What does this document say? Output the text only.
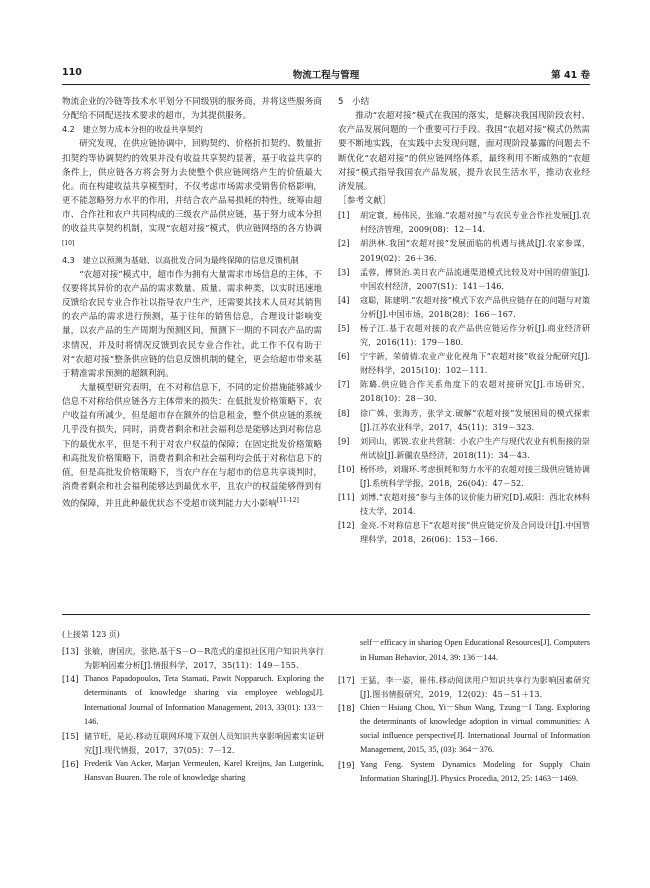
110	物流工程与管理	第 41 卷

物流企业的冷链等技术水平划分不同级别的服务商，并将这些服务商分配给不同配送技术要求的超市，为其提供服务。

4.2　建立努力成本分担的收益共享契约

研究发现，在供应链协调中，回购契约、价格折扣契约、数量折扣契约等协调契约的效果并没有收益共享契约显著，基于收益共享的条件上，供应链各方将会努力去使整个供应链网络产生的价值最大化。而在构建收益共享模型时，不仅考虑市场需求受销售价格影响，更不能忽略努力水平的作用，并结合农产品易损耗的特性，统筹由超市、合作社和农户共同构成的三级农产品供应链，基于努力成本分担的收益共享契约机制，实现“农超对接”模式，供应链网络的各方协调[10]

4.3　建立以预测为基础、以高批发合同为最终保障的信息反馈机制

“农超对接”模式中，超市作为拥有大量需求市场信息的主体，不仅要将其异价的农产品的需求数量、质量、需求种类，以实时迅速地反馈给农民专业合作社以指导农户生产，还需要其技术人员对其销售的农产品的需求进行预测，基于往年的销售信息，合理设计影响变量，以农产品的生产周期为预测区间，预测下一期的不同农产品的需求情况，并及时将情况反馈到农民专业合作社，此工作不仅有助于对“农超对接”整条供应链的信息反馈机制的健全，更会给超市带来基于精准需求预测的超额利润。

大量模型研究表明，在不对称信息下，不同的定价措施能够减少信息不对称给供应链各方主体带来的损失：在低批发价格策略下，农户收益有所减少，但是超市存在额外的信息租金，整个供应链的系统几乎没有损失，同时，消费者剩余和社会福利总是能够达到对称信息下的最优水平，但是不利于对农户权益的保障；在固定批发价格策略和高批发价格策略下，消费者剩余和社会福利均会低于对称信息下的值，但是高批发价格策略下，当农户存在与超市的信息共享谈判时，消费者剩余和社会福利能够达到最优水平，且农户的权益能够得到有效的保障，并且此种最优状态不受超市谈判能力大小影响[11-12]

5　小结

推动“农超对接”模式在我国的落实，是解决我国现阶段农村、农产品发展问题的一个重要可行手段。我国“农超对接”模式仍然需要不断地实践，在实践中去发现问题，面对现阶段暴露的问题去不断优化“农超对接”的供应链网络体系，最终利用不断成熟的“农超对接”模式指导我国农产品发展，提升农民生活水平，推动农业经济发展。

［参考文献］

[1]	胡定寰，杨伟民，张瑜.“农超对接”与农民专业合作社发展[J].农村经济管理，2009(08)：12－14.
[2]	胡洪林.我国“农超对接”发展面临的机遇与挑战[J].农家参谋，2019(02)：26＋36.
[3]	孟蓉，傅贤治.美日农产品流通渠道模式比较及对中国的借鉴[J].中国农村经济，2007(S1)：141－146.
[4]	寇聪，陈建明.“农超对接”模式下农产品供应链存在的问题与对策分析[J].中国市场，2018(28)：166－167.
[5]	杨子江.基于农超对接的农产品供应链运作分析[J].商业经济研究，2016(11)：179－180.
[6]	宁宇新，荣倩倩.农业产业化视角下“农超对接”收益分配研究[J].财经科学，2015(10)：102－111.
[7]	陈璐.供应链合作关系角度下的农超对接研究[J].市场研究，2018(10)：28－30.
[8]	徐广姝，张海芳，张学文.破解“农超对接”发展困局的模式探索[J].江苏农业科学，2017，45(11)：319－323.
[9]	刘同山，郭锐.农业共营制：小农户生产与现代农业有机衔接的崇州试验[J].新疆农垦经济，2018(11)：34－43.
[10] 杨怀珍，刘瑞环.考虑损耗和努力水平的农超对接三级供应链协调[J].系统科学学报，2018，26(04)：47－52.
[11] 刘博.“农超对接”参与主体的议价能力研究[D].咸阳：西北农林科技大学，2014.
[12] 金亮.不对称信息下“农超对接”供应链定价及合同设计[J].中国管理科学，2018，26(06)：153－166.

(上接第 123 页)

[13] 张敏，唐国庆，张艳.基于S－O－R范式的虚拟社区用户知识共享行为影响因素分析[J].情报科学，2017，35(11)：149－155.
[14] Thanos Papadopoulos, Teta Stamati, Pawit Nopparuch. Exploring the determinants of knowledge sharing via employee weblogs[J]. International Journal of Information Management, 2013, 33(01): 133－146.
[15] 储节旺，是沁.移动互联网环境下双创人员知识共享影响因素实证研究[J].现代情报，2017，37(05)：7－12.
[16] Frederik Van Acker, Marjan Vermeulen, Karel Kreijns, Jan Lutgerink, Hansvan Buuren. The role of knowledge sharing

self－efficacy in sharing Open Educational Resources[J]. Computers in Human Behavior, 2014, 39: 136－144.

[17] 王猛，李一姿，崔伟.移动阅读用户知识共享行为影响因素研究[J].图书情报研究，2019，12(02)：45－51＋13.
[18] Chien－Hsiang Chou, Yi－Shun Wang, Tzung－I Tang. Exploring the determinants of knowledge adoption in virtual communities: A social influence perspective[J]. International Journal of Information Management, 2015, 35, (03): 364－376.
[19] Yang Feng. System Dynamics Modeling for Supply Chain Information Sharing[J]. Physics Procedia, 2012, 25: 1463－1469.
